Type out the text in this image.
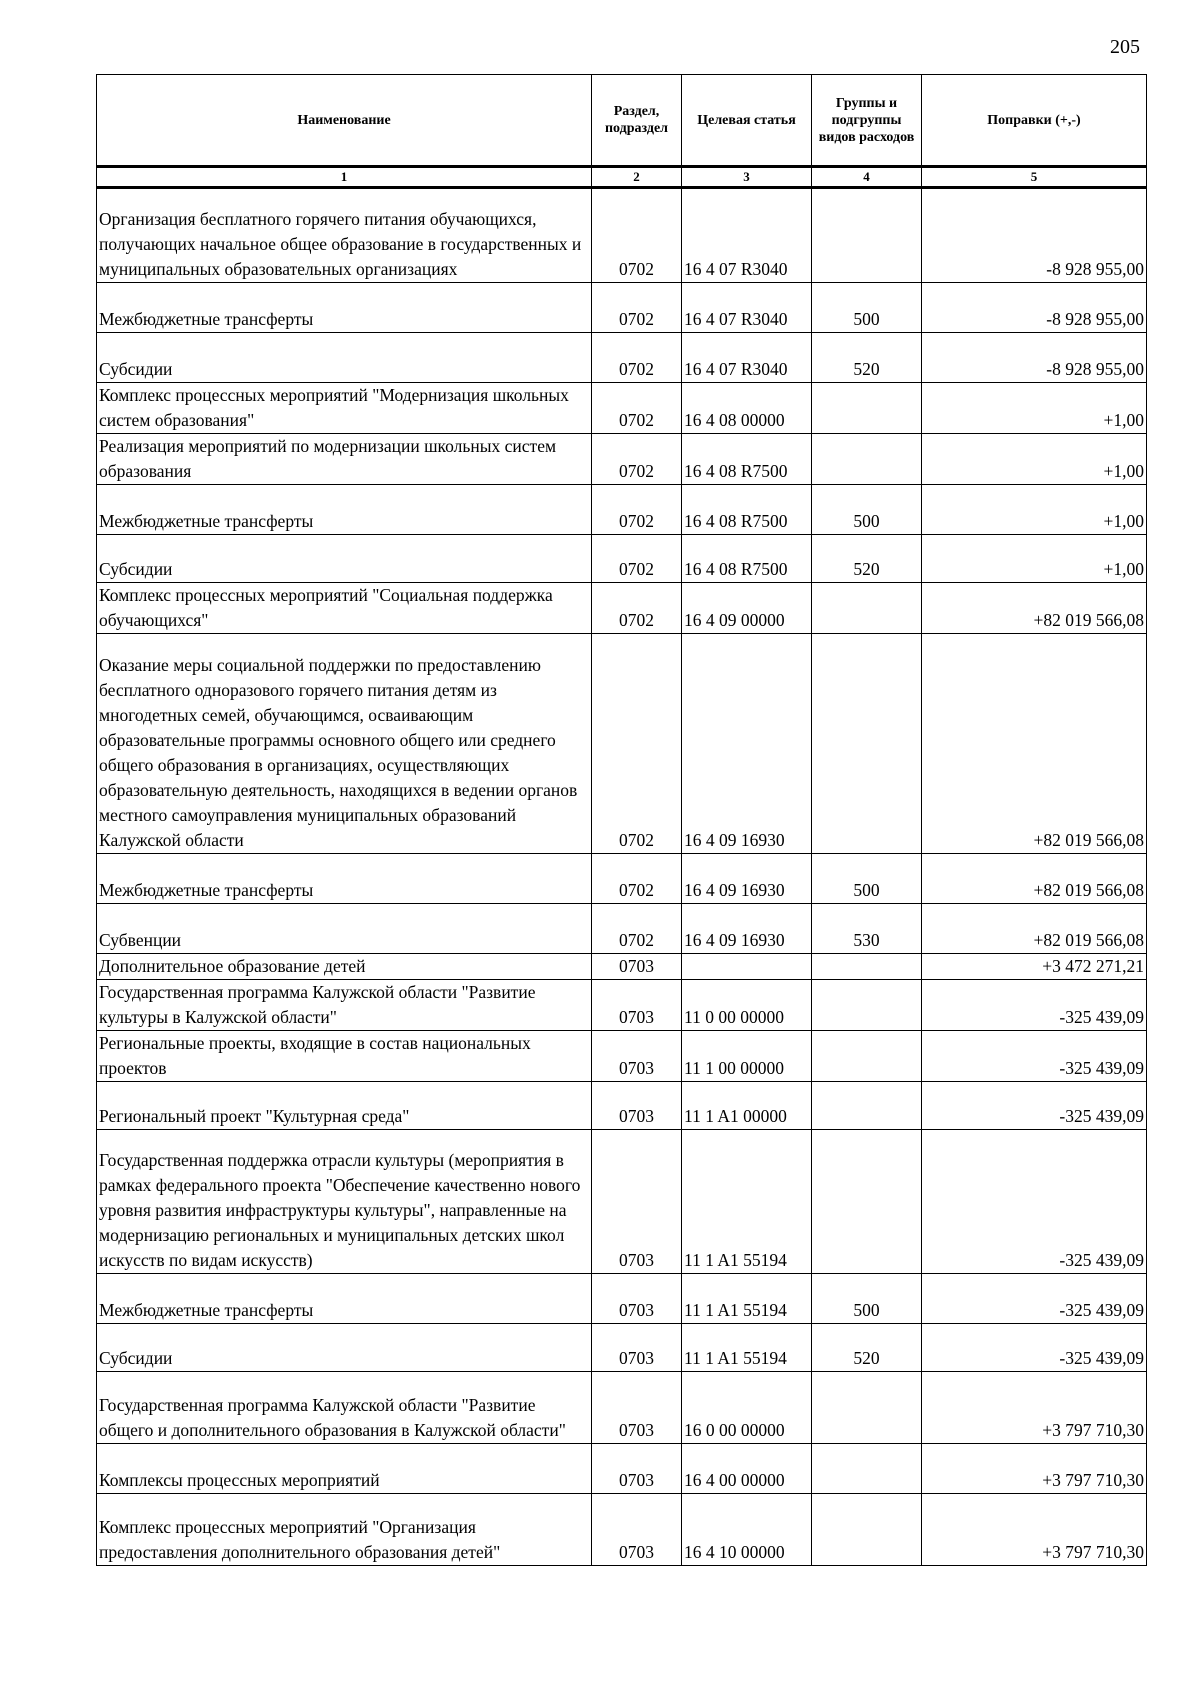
205
Наименование	Раздел, подраздел	Целевая статья	Группы и подгруппы видов расходов	Поправки (+,-)
1	2	3	4	5
Организация бесплатного горячего питания обучающихся, получающих начальное общее образование в государственных и муниципальных образовательных организациях	0702	16 4 07 R3040		-8 928 955,00
Межбюджетные трансферты	0702	16 4 07 R3040	500	-8 928 955,00
Субсидии	0702	16 4 07 R3040	520	-8 928 955,00
Комплекс процессных мероприятий "Модернизация школьных систем образования"	0702	16 4 08 00000		+1,00
Реализация мероприятий по модернизации школьных систем образования	0702	16 4 08 R7500		+1,00
Межбюджетные трансферты	0702	16 4 08 R7500	500	+1,00
Субсидии	0702	16 4 08 R7500	520	+1,00
Комплекс процессных мероприятий "Социальная поддержка обучающихся"	0702	16 4 09 00000		+82 019 566,08
Оказание меры социальной поддержки по предоставлению бесплатного одноразового горячего питания детям из многодетных семей, обучающимся, осваивающим образовательные программы основного общего или среднего общего образования в организациях, осуществляющих образовательную деятельность, находящихся в ведении органов местного самоуправления муниципальных образований Калужской области	0702	16 4 09 16930		+82 019 566,08
Межбюджетные трансферты	0702	16 4 09 16930	500	+82 019 566,08
Субвенции	0702	16 4 09 16930	530	+82 019 566,08
Дополнительное образование детей	0703			+3 472 271,21
Государственная программа Калужской области "Развитие культуры в Калужской области"	0703	11 0 00 00000		-325 439,09
Региональные проекты, входящие в состав национальных проектов	0703	11 1 00 00000		-325 439,09
Региональный проект "Культурная среда"	0703	11 1 A1 00000		-325 439,09
Государственная поддержка отрасли культуры (мероприятия в рамках федерального проекта "Обеспечение качественно нового уровня развития инфраструктуры культуры", направленные на модернизацию региональных и муниципальных детских школ искусств по видам искусств)	0703	11 1 A1 55194		-325 439,09
Межбюджетные трансферты	0703	11 1 A1 55194	500	-325 439,09
Субсидии	0703	11 1 A1 55194	520	-325 439,09
Государственная программа Калужской области "Развитие общего и дополнительного образования в Калужской области"	0703	16 0 00 00000		+3 797 710,30
Комплексы процессных мероприятий	0703	16 4 00 00000		+3 797 710,30
Комплекс процессных мероприятий "Организация предоставления дополнительного образования детей"	0703	16 4 10 00000		+3 797 710,30
